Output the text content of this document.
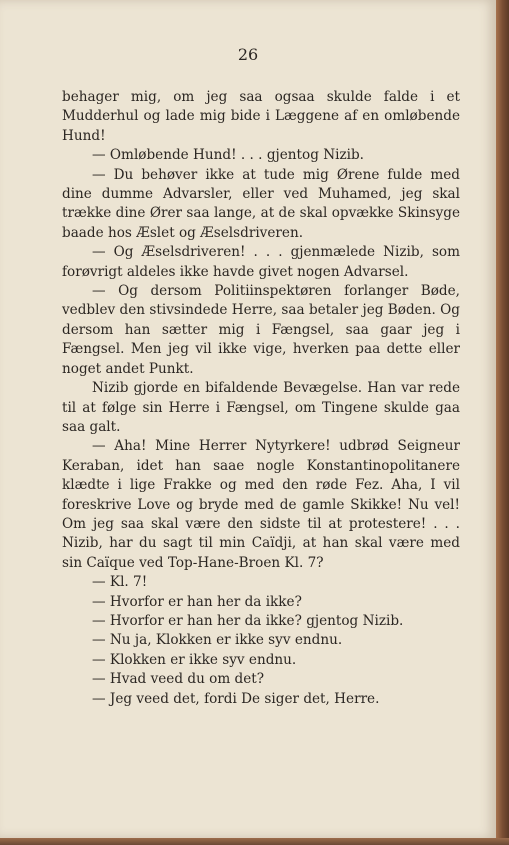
26

behager mig, om jeg saa ogsaa skulde falde i et Mudderhul og lade mig bide i Læggene af en omløbende Hund!

— Omløbende Hund! . . . gjentog Nizib.

— Du behøver ikke at tude mig Ørene fulde med dine dumme Advarsler, eller ved Muhamed, jeg skal trække dine Ører saa lange, at de skal opvække Skinsyge baade hos Æslet og Æselsdriveren.

— Og Æselsdriveren! . . . gjenmælede Nizib, som forøvrigt aldeles ikke havde givet nogen Advarsel.

— Og dersom Politiinspektøren forlanger Bøde, vedblev den stivsindede Herre, saa betaler jeg Bøden. Og dersom han sætter mig i Fængsel, saa gaar jeg i Fængsel. Men jeg vil ikke vige, hverken paa dette eller noget andet Punkt.

Nizib gjorde en bifaldende Bevægelse. Han var rede til at følge sin Herre i Fængsel, om Tingene skulde gaa saa galt.

— Aha! Mine Herrer Nytyrkere! udbrød Seigneur Keraban, idet han saae nogle Konstantinopolitanere klædte i lige Frakke og med den røde Fez. Aha, I vil foreskrive Love og bryde med de gamle Skikke! Nu vel! Om jeg saa skal være den sidste til at protestere! . . . Nizib, har du sagt til min Caïdji, at han skal være med sin Caïque ved Top-Hane-Broen Kl. 7?

— Kl. 7!

— Hvorfor er han her da ikke?

— Hvorfor er han her da ikke? gjentog Nizib.

— Nu ja, Klokken er ikke syv endnu.

— Klokken er ikke syv endnu.

— Hvad veed du om det?

— Jeg veed det, fordi De siger det, Herre.
